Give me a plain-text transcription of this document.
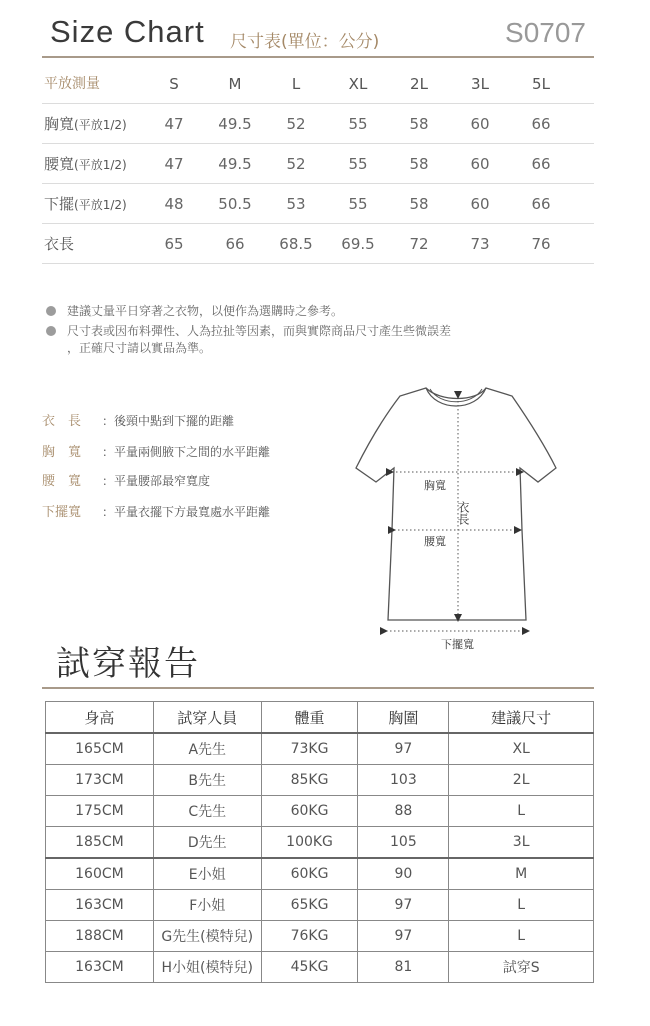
Size Chart 尺寸表(單位：公分)	S0707
平放測量	S	M	L	XL	2L	3L	5L
胸寬(平放1/2)	47	49.5	52	55	58	60	66
腰寬(平放1/2)	47	49.5	52	55	58	60	66
下擺(平放1/2)	48	50.5	53	55	58	60	66
衣長	65	66	68.5 69.5	72	73	76
建議丈量平日穿著之衣物，以便作為選購時之參考。
尺寸表或因布料彈性、人為拉扯等因素，而與實際商品尺寸產生些微誤差
，正確尺寸請以實品為準。
衣　長 ：後頸中點到下擺的距離
胸　寬 ：平量兩側腋下之間的水平距離
腰　寬 ：平量腰部最窄寬度
下擺寬 ：平量衣擺下方最寬處水平距離
胸寬
腰寬
下擺寬
衣長
試穿報告
身高	試穿人員	體重	胸圍	建議尺寸
165CM	A先生	73KG	97	XL
173CM	B先生	85KG	103	2L
175CM	C先生	60KG	88	L
185CM	D先生	100KG	105	3L
160CM	E小姐	60KG	90	M
163CM	F小姐	65KG	97	L
188CM	G先生(模特兒)	76KG	97	L
163CM	H小姐(模特兒)	45KG	81	試穿S
